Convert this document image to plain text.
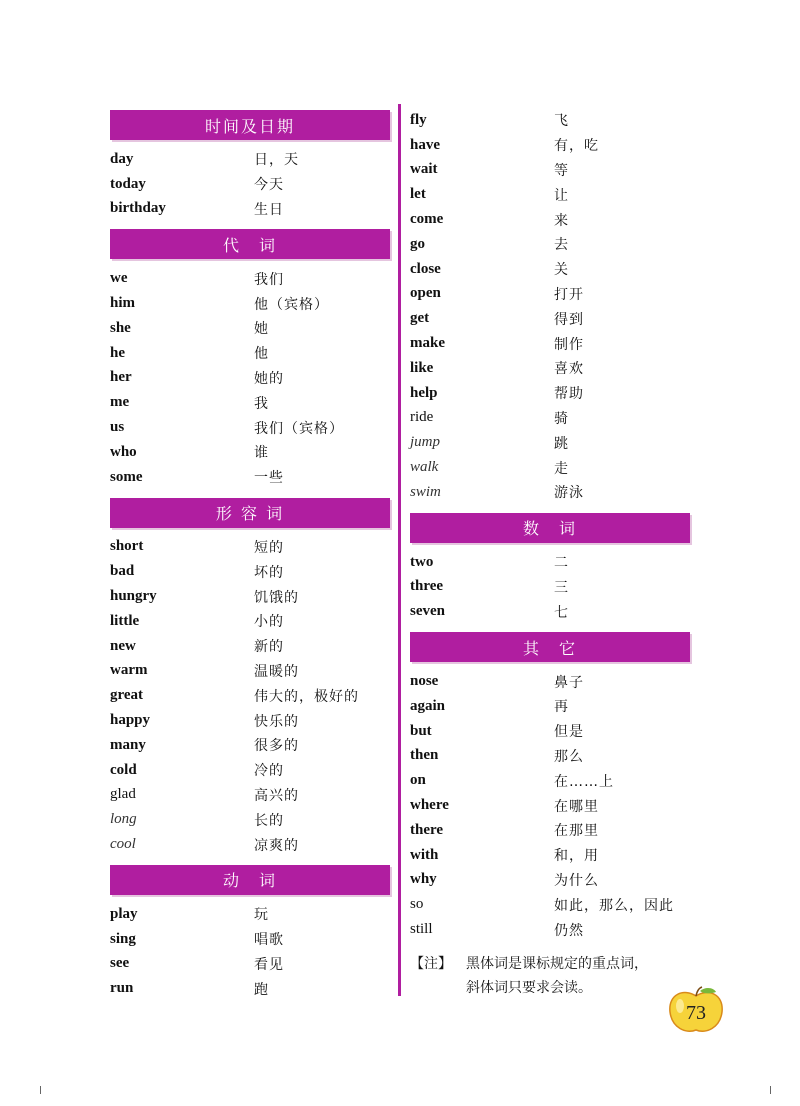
时间及日期
day	日，天
today	今天
birthday	生日
代　词
we	我们
him	他（宾格）
she	她
he	他
her	她的
me	我
us	我们（宾格）
who	谁
some	一些
形 容 词
short	短的
bad	坏的
hungry	饥饿的
little	小的
new	新的
warm	温暖的
great	伟大的，极好的
happy	快乐的
many	很多的
cold	冷的
glad	高兴的
long	长的
cool	凉爽的
动　词
play	玩
sing	唱歌
see	看见
run	跑
fly	飞
have	有，吃
wait	等
let	让
come	来
go	去
close	关
open	打开
get	得到
make	制作
like	喜欢
help	帮助
ride	骑
jump	跳
walk	走
swim	游泳
数　词
two	二
three	三
seven	七
其　它
nose	鼻子
again	再
but	但是
then	那么
on	在……上
where	在哪里
there	在那里
with	和，用
why	为什么
so	如此，那么，因此
still	仍然
【注】	黑体词是课标规定的重点词，
斜体词只要求会读。
73
